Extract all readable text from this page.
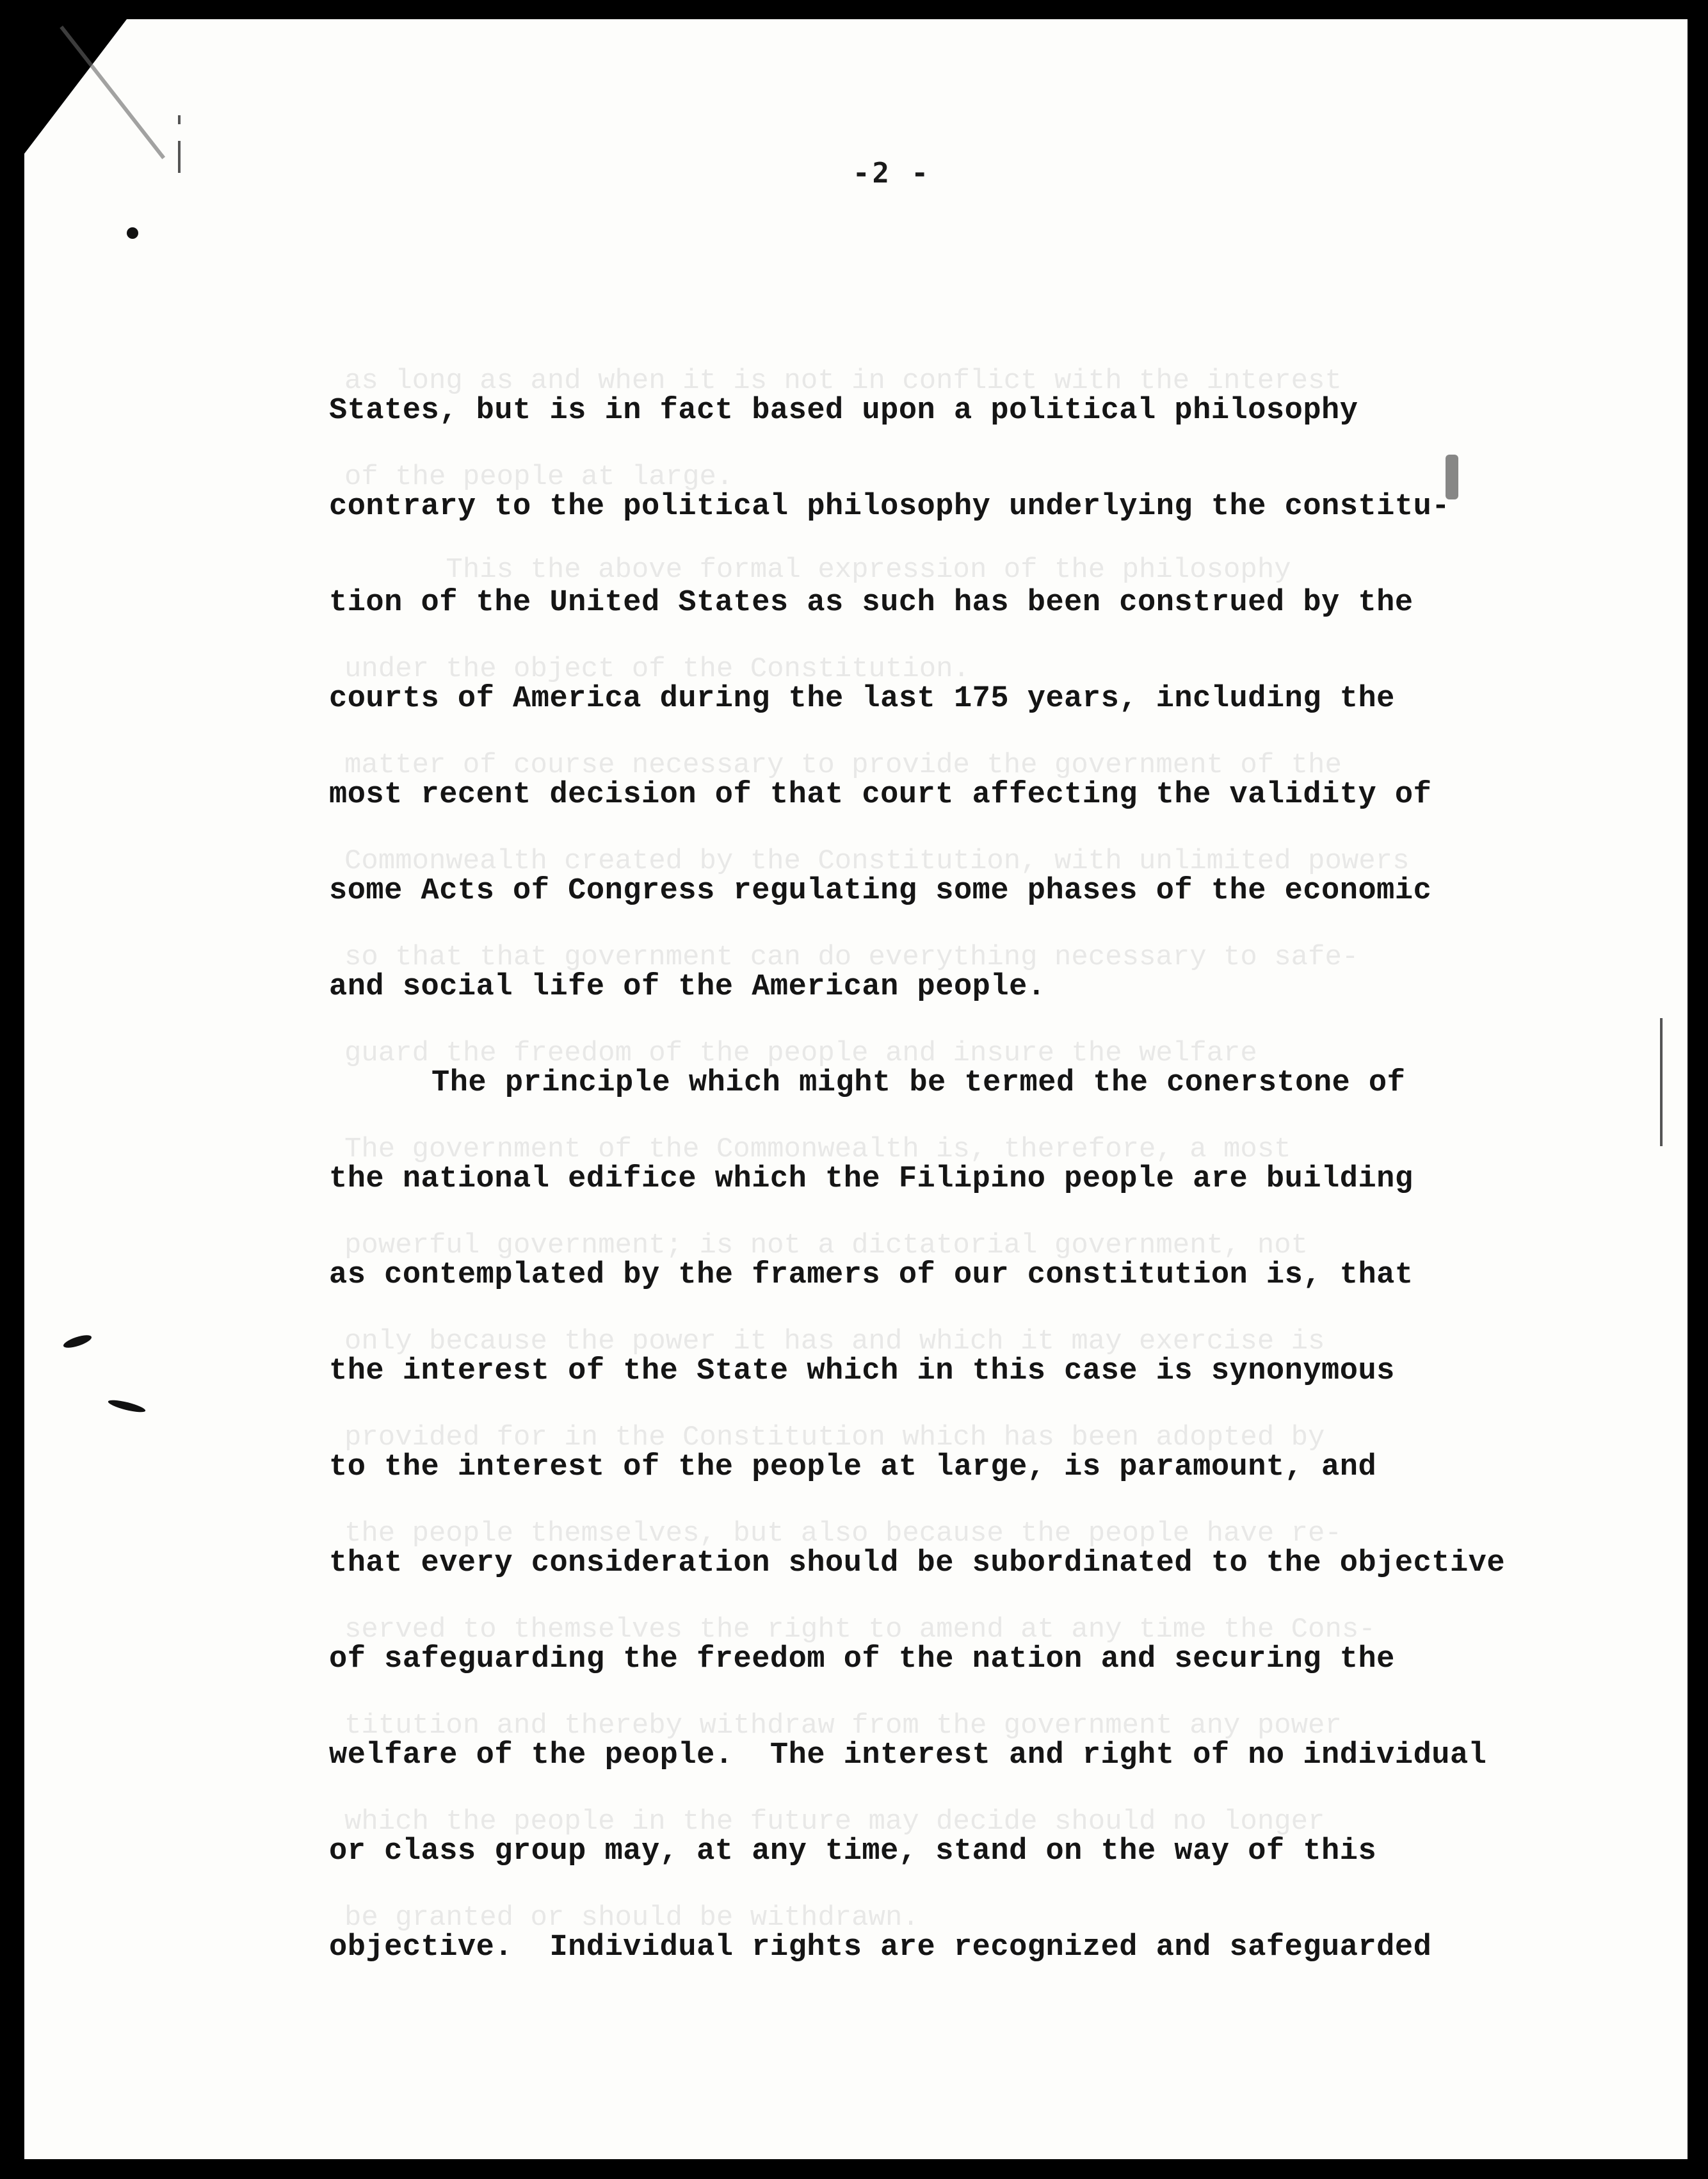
as long as and when it is not in conflict with the interest
of the people at large.
This the above formal expression of the philosophy
under the object of the Constitution.
matter of course necessary to provide the government of the
Commonwealth created by the Constitution, with unlimited powers
so that that government can do everything necessary to safe-
guard the freedom of the people and insure the welfare
The government of the Commonwealth is, therefore, a most
powerful government; is not a dictatorial government, not
only because the power it has and which it may exercise is
provided for in the Constitution which has been adopted by
the people themselves, but also because the people have re-
served to themselves the right to amend at any time the Cons-
titution and thereby withdraw from the government any power
which the people in the future may decide should no longer
be granted or should be withdrawn.
-2 -
States, but is in fact based upon a political philosophy
contrary to the political philosophy underlying the constitu-
tion of the United States as such has been construed by the
courts of America during the last 175 years, including the
most recent decision of that court affecting the validity of
some Acts of Congress regulating some phases of the economic
and social life of the American people.
The principle which might be termed the conerstone of
the national edifice which the Filipino people are building
as contemplated by the framers of our constitution is, that
the interest of the State which in this case is synonymous
to the interest of the people at large, is paramount, and
that every consideration should be subordinated to the objective
of safeguarding the freedom of the nation and securing the
welfare of the people.  The interest and right of no individual
or class group may, at any time, stand on the way of this
objective.  Individual rights are recognized and safeguarded
